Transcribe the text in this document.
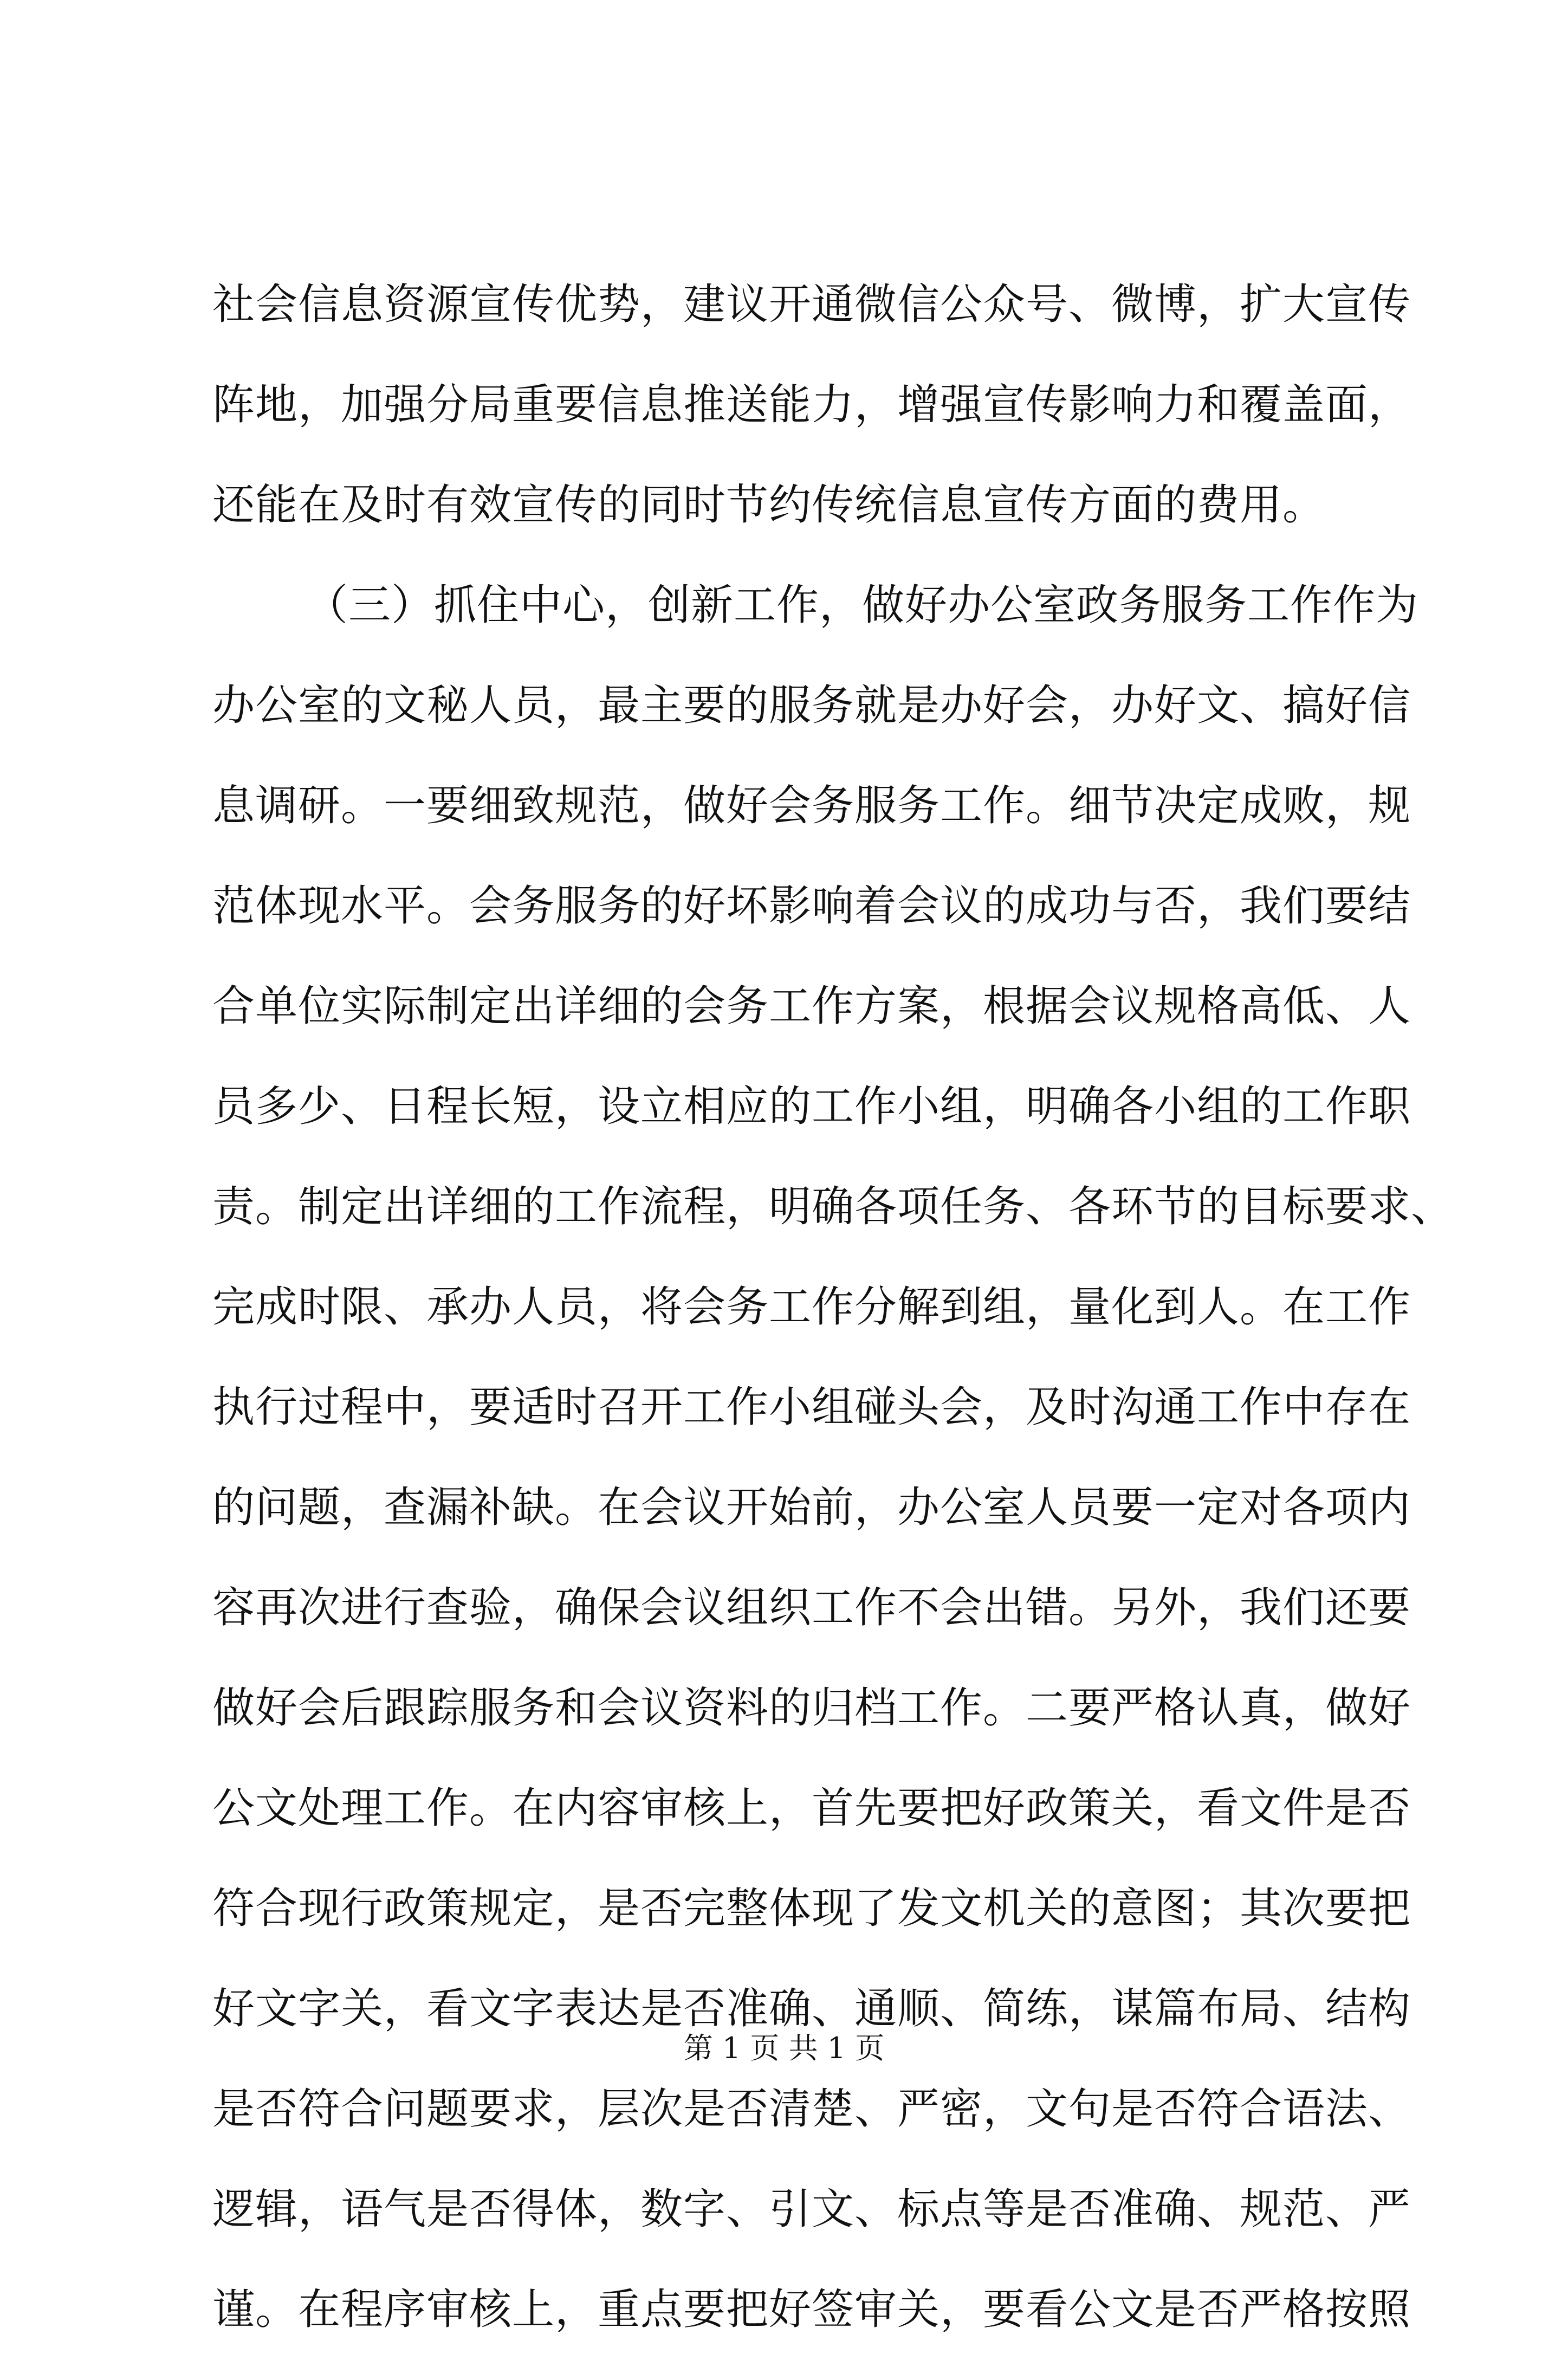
社会信息资源宣传优势，建议开通微信公众号、微博，扩大宣传
阵地，加强分局重要信息推送能力，增强宣传影响力和覆盖面，
还能在及时有效宣传的同时节约传统信息宣传方面的费用。
（三）抓住中心，创新工作，做好办公室政务服务工作作为
办公室的文秘人员，最主要的服务就是办好会，办好文、搞好信
息调研。一要细致规范，做好会务服务工作。细节决定成败，规
范体现水平。会务服务的好坏影响着会议的成功与否，我们要结
合单位实际制定出详细的会务工作方案，根据会议规格高低、人
员多少、日程长短，设立相应的工作小组，明确各小组的工作职
责。制定出详细的工作流程，明确各项任务、各环节的目标要求、
完成时限、承办人员，将会务工作分解到组，量化到人。在工作
执行过程中，要适时召开工作小组碰头会，及时沟通工作中存在
的问题，查漏补缺。在会议开始前，办公室人员要一定对各项内
容再次进行查验，确保会议组织工作不会出错。另外，我们还要
做好会后跟踪服务和会议资料的归档工作。二要严格认真，做好
公文处理工作。在内容审核上，首先要把好政策关，看文件是否
符合现行政策规定，是否完整体现了发文机关的意图；其次要把
好文字关，看文字表达是否准确、通顺、简练，谋篇布局、结构
是否符合问题要求，层次是否清楚、严密，文句是否符合语法、
逻辑，语气是否得体，数字、引文、标点等是否准确、规范、严
谨。在程序审核上，重点要把好签审关，要看公文是否严格按照
第 1 页 共 1 页
